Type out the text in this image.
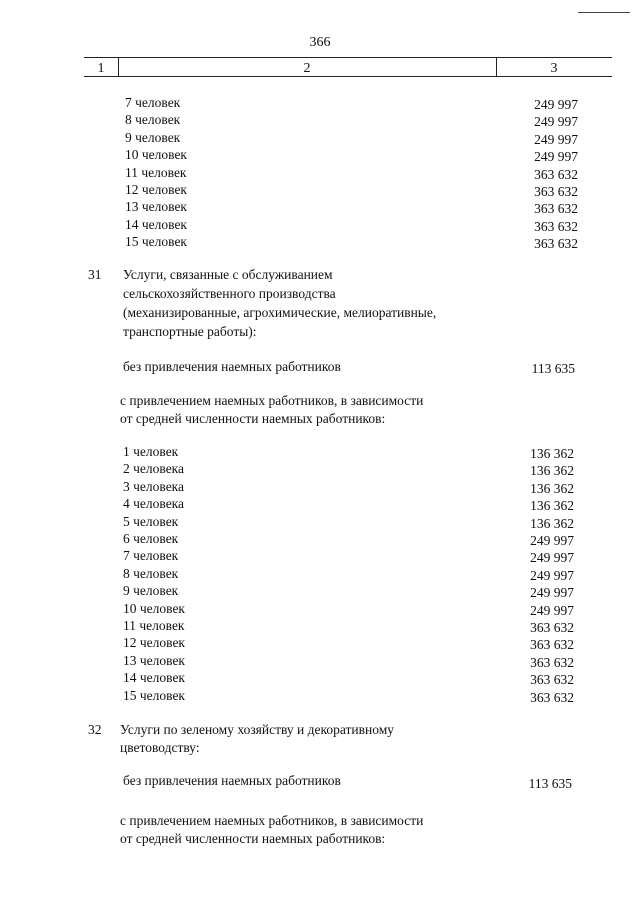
366
1	2	3
7 человек	249 997
8 человек	249 997
9 человек	249 997
10 человек	249 997
11 человек	363 632
12 человек	363 632
13 человек	363 632
14 человек	363 632
15 человек	363 632
31 Услуги, связанные с обслуживанием
сельскохозяйственного производства
(механизированные, агрохимические, мелиоративные,
транспортные работы):
без привлечения наемных работников	113 635
с привлечением наемных работников, в зависимости
от средней численности наемных работников:
1 человек	136 362
2 человека	136 362
3 человека	136 362
4 человека	136 362
5 человек	136 362
6 человек	249 997
7 человек	249 997
8 человек	249 997
9 человек	249 997
10 человек	249 997
11 человек	363 632
12 человек	363 632
13 человек	363 632
14 человек	363 632
15 человек	363 632
32 Услуги по зеленому хозяйству и декоративному
цветоводству:
без привлечения наемных работников	113 635
с привлечением наемных работников, в зависимости
от средней численности наемных работников:
